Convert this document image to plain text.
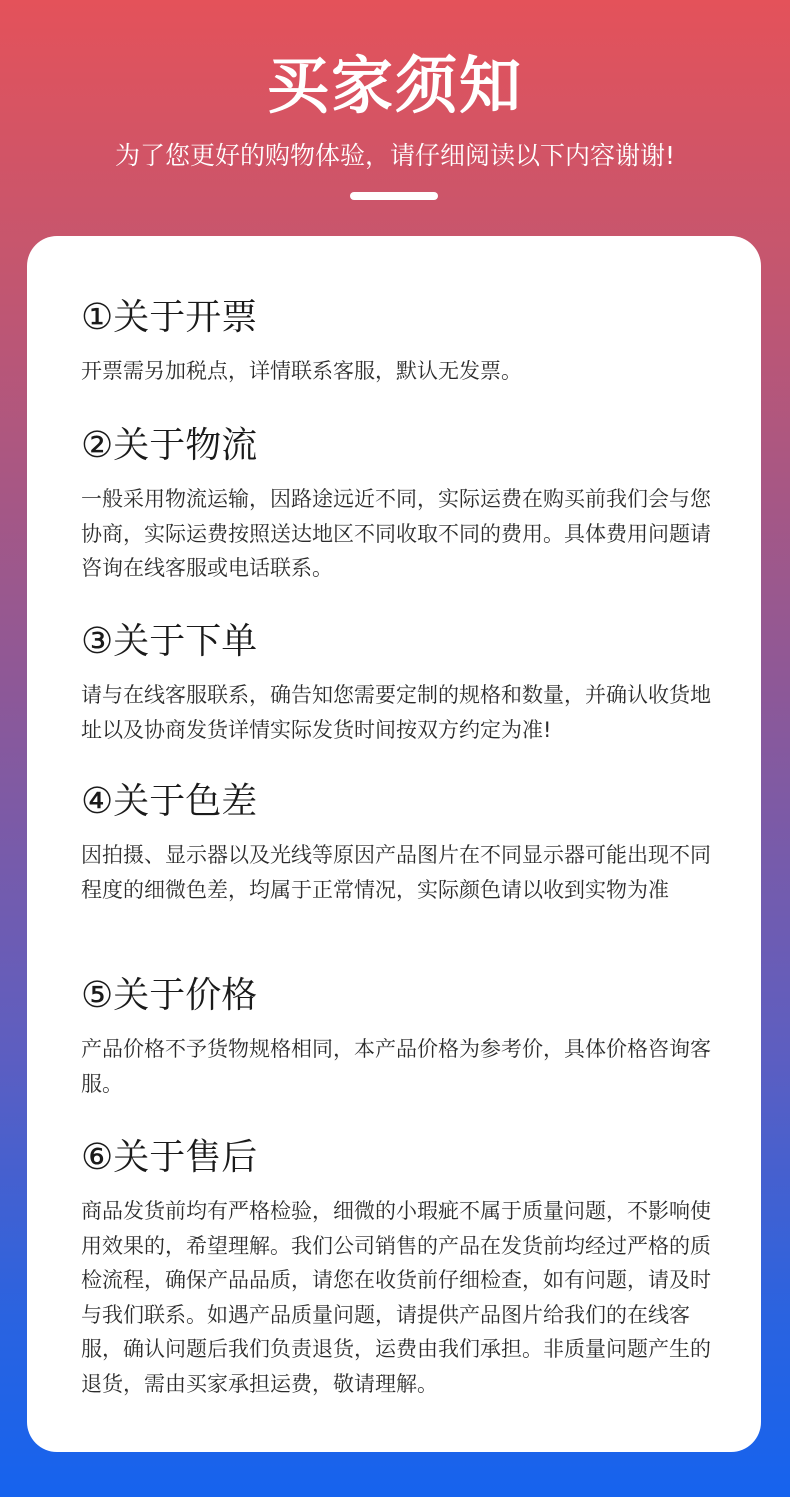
买家须知
为了您更好的购物体验，请仔细阅读以下内容谢谢!
①关于开票
开票需另加税点，详情联系客服，默认无发票。
②关于物流
一般采用物流运输，因路途远近不同，实际运费在购买前我们会与您协商，实际运费按照送达地区不同收取不同的费用。具体费用问题请咨询在线客服或电话联系。
③关于下单
请与在线客服联系，确告知您需要定制的规格和数量，并确认收货地址以及协商发货详情实际发货时间按双方约定为准!
④关于色差
因拍摄、显示器以及光线等原因产品图片在不同显示器可能出现不同程度的细微色差，均属于正常情况，实际颜色请以收到实物为准
⑤关于价格
产品价格不予货物规格相同，本产品价格为参考价，具体价格咨询客服。
⑥关于售后
商品发货前均有严格检验，细微的小瑕疵不属于质量问题，不影响使用效果的，希望理解。我们公司销售的产品在发货前均经过严格的质检流程，确保产品品质，请您在收货前仔细检查，如有问题，请及时与我们联系。如遇产品质量问题，请提供产品图片给我们的在线客服，确认问题后我们负责退货，运费由我们承担。非质量问题产生的退货，需由买家承担运费，敬请理解。
